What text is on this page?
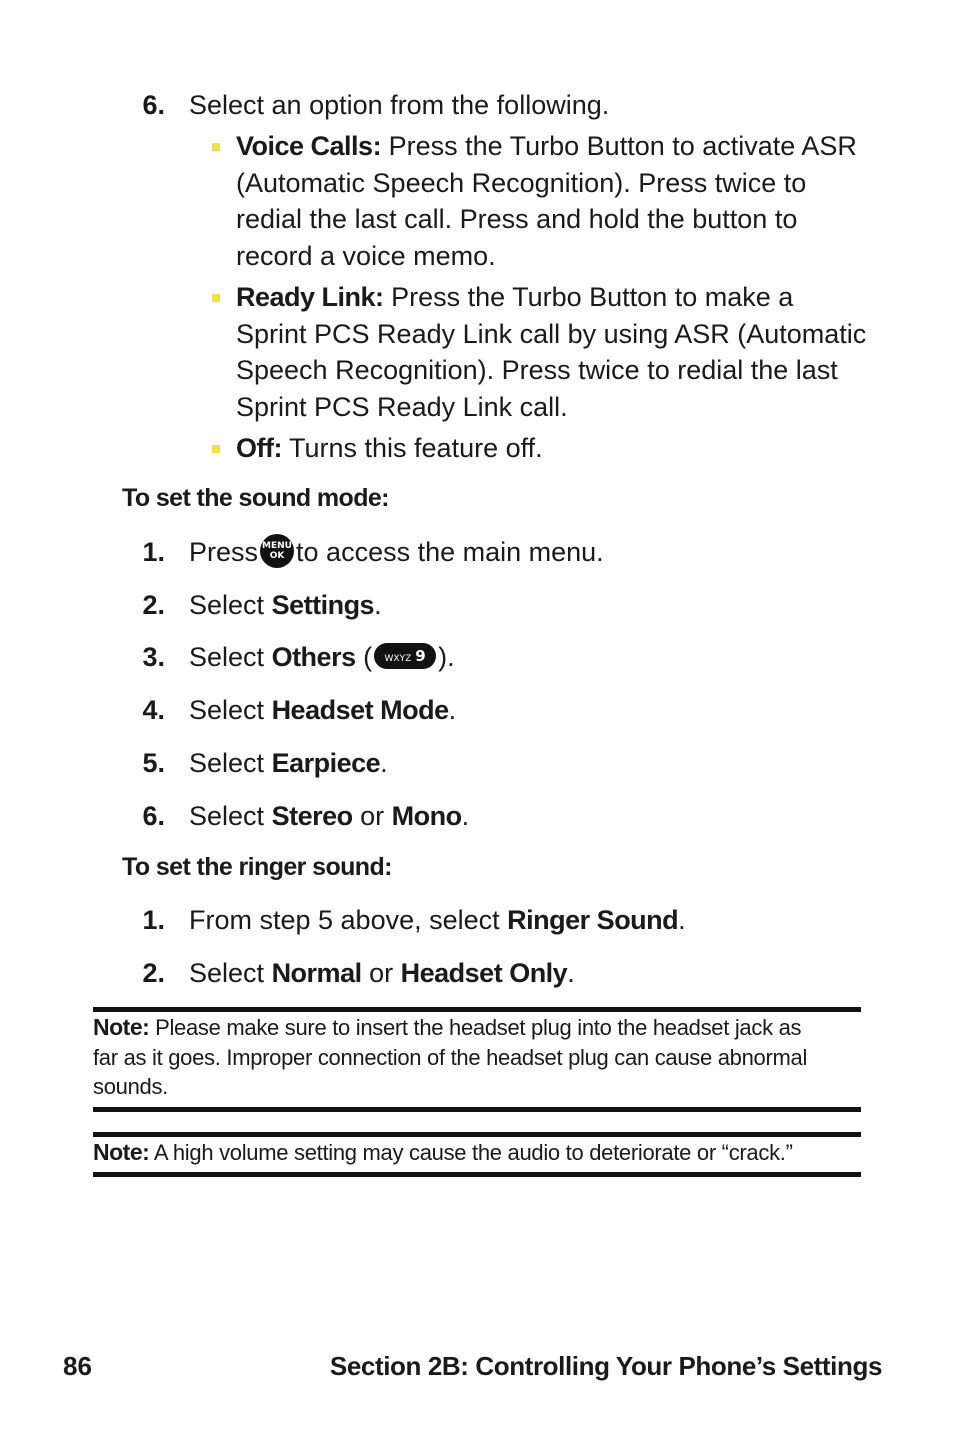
6. Select an option from the following.
Voice Calls: Press the Turbo Button to activate ASR
(Automatic Speech Recognition). Press twice to
redial the last call. Press and hold the button to
record a voice memo.
Ready Link: Press the Turbo Button to make a
Sprint PCS Ready Link call by using ASR (Automatic
Speech Recognition). Press twice to redial the last
Sprint PCS Ready Link call.
Off: Turns this feature off.
To set the sound mode:
1. Press MENU
OK to access the main menu.
2. Select Settings.
3. Select Others ( WXYZ 9 ).
4. Select Headset Mode.
5. Select Earpiece.
6. Select Stereo or Mono.
To set the ringer sound:
1. From step 5 above, select Ringer Sound.
2. Select Normal or Headset Only.
Note: Please make sure to insert the headset plug into the headset jack as
far as it goes. Improper connection of the headset plug can cause abnormal
sounds.
Note: A high volume setting may cause the audio to deteriorate or “crack.”
86	Section 2B: Controlling Your Phone’s Settings
